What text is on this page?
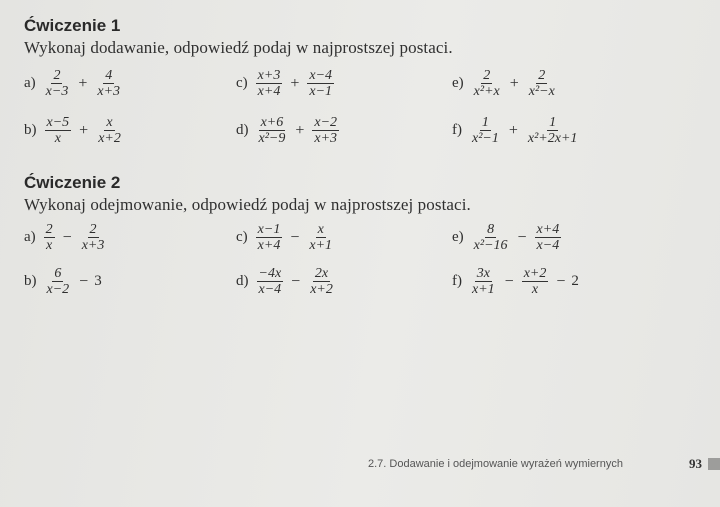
Ćwiczenie 1
Wykonaj dodawanie, odpowiedź podaj w najprostszej postaci.
$a) \frac{2}{x-3} + \frac{4}{x+3}$
$b) \frac{x-5}{x} + \frac{x}{x+2}$
$c) \frac{x+3}{x+4} + \frac{x-4}{x-1}$
$d) \frac{x+6}{\text{x²−9}} + \frac{x-2}{x+3}$
$e) \frac{2}{\text{x²+x}} + \frac{2}{\text{x²−x}}$
$f) \frac{1}{\text{x²−1}} + \frac{1}{\text{x²+2x+1}}$
Ćwiczenie 2
Wykonaj odejmowanie, odpowiedź podaj w najprostszej postaci.
$a) \frac{2}{x} - \frac{2}{x+3}$
$b) \frac{6}{x-2} - 3$
$c) \frac{x-1}{x+4} - \frac{x}{x+1}$
$d) \frac{-4x}{x-4} - \frac{2x}{x+2}$
$e) \frac{8}{\text{x²−16}} - \frac{x+4}{x-4}$
$f) \frac{3x}{x+1} - \frac{x+2}{x} - 2$
2.7. Dodawanie i odejmowanie wyrażeń wymiernych	93
